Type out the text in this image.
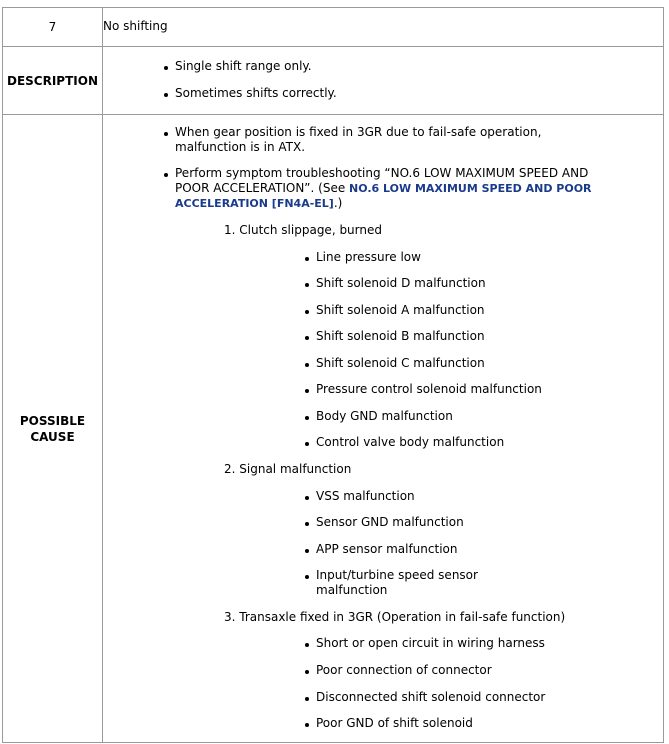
7	No shifting
DESCRIPTION
Single shift range only.
Sometimes shifts correctly.
POSSIBLE
CAUSE
When gear position is fixed in 3GR due to fail-safe operation,
malfunction is in ATX.
Perform symptom troubleshooting “NO.6 LOW MAXIMUM SPEED AND
POOR ACCELERATION”. (See NO.6 LOW MAXIMUM SPEED AND POOR
ACCELERATION [FN4A-EL].)
1. Clutch slippage, burned
Line pressure low
Shift solenoid D malfunction
Shift solenoid A malfunction
Shift solenoid B malfunction
Shift solenoid C malfunction
Pressure control solenoid malfunction
Body GND malfunction
Control valve body malfunction
2. Signal malfunction
VSS malfunction
Sensor GND malfunction
APP sensor malfunction
Input/turbine speed sensor
malfunction
3. Transaxle fixed in 3GR (Operation in fail-safe function)
Short or open circuit in wiring harness
Poor connection of connector
Disconnected shift solenoid connector
Poor GND of shift solenoid
